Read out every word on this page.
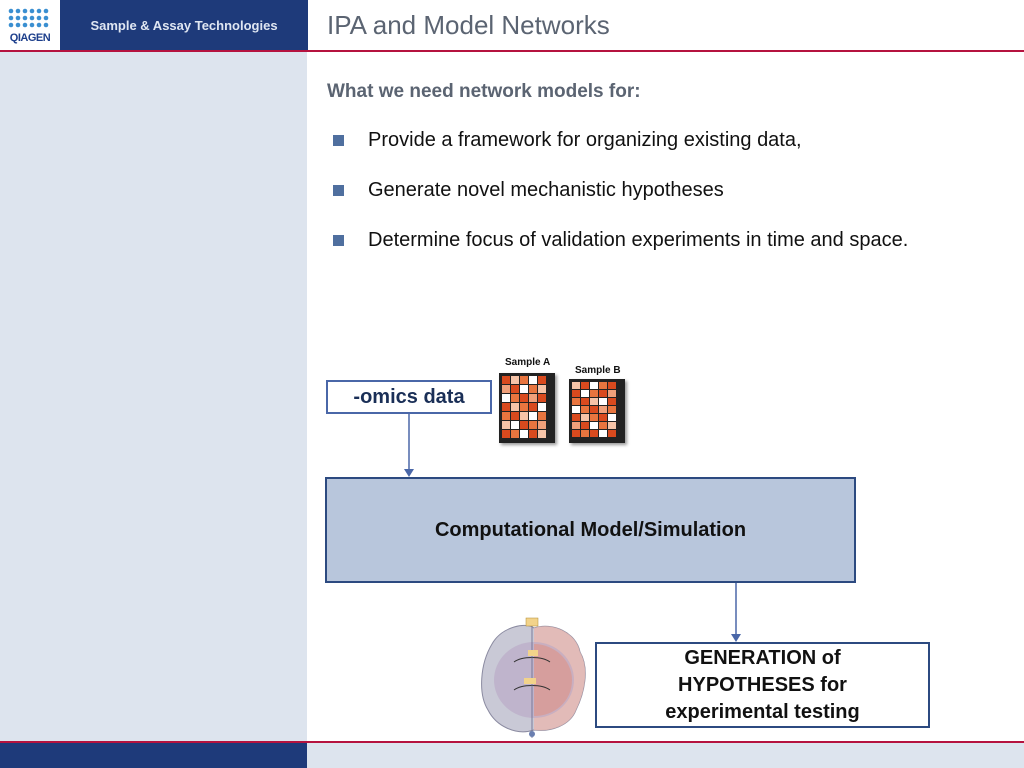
QIAGEN
Sample & Assay Technologies	IPA and Model Networks
What we need network models for:
Provide a framework for organizing existing data,
Generate novel mechanistic hypotheses
Determine focus of validation experiments in time and space.
-omics data
Sample A
Sample B
Computational Model/Simulation
GENERATION of
HYPOTHESES for
experimental testing
